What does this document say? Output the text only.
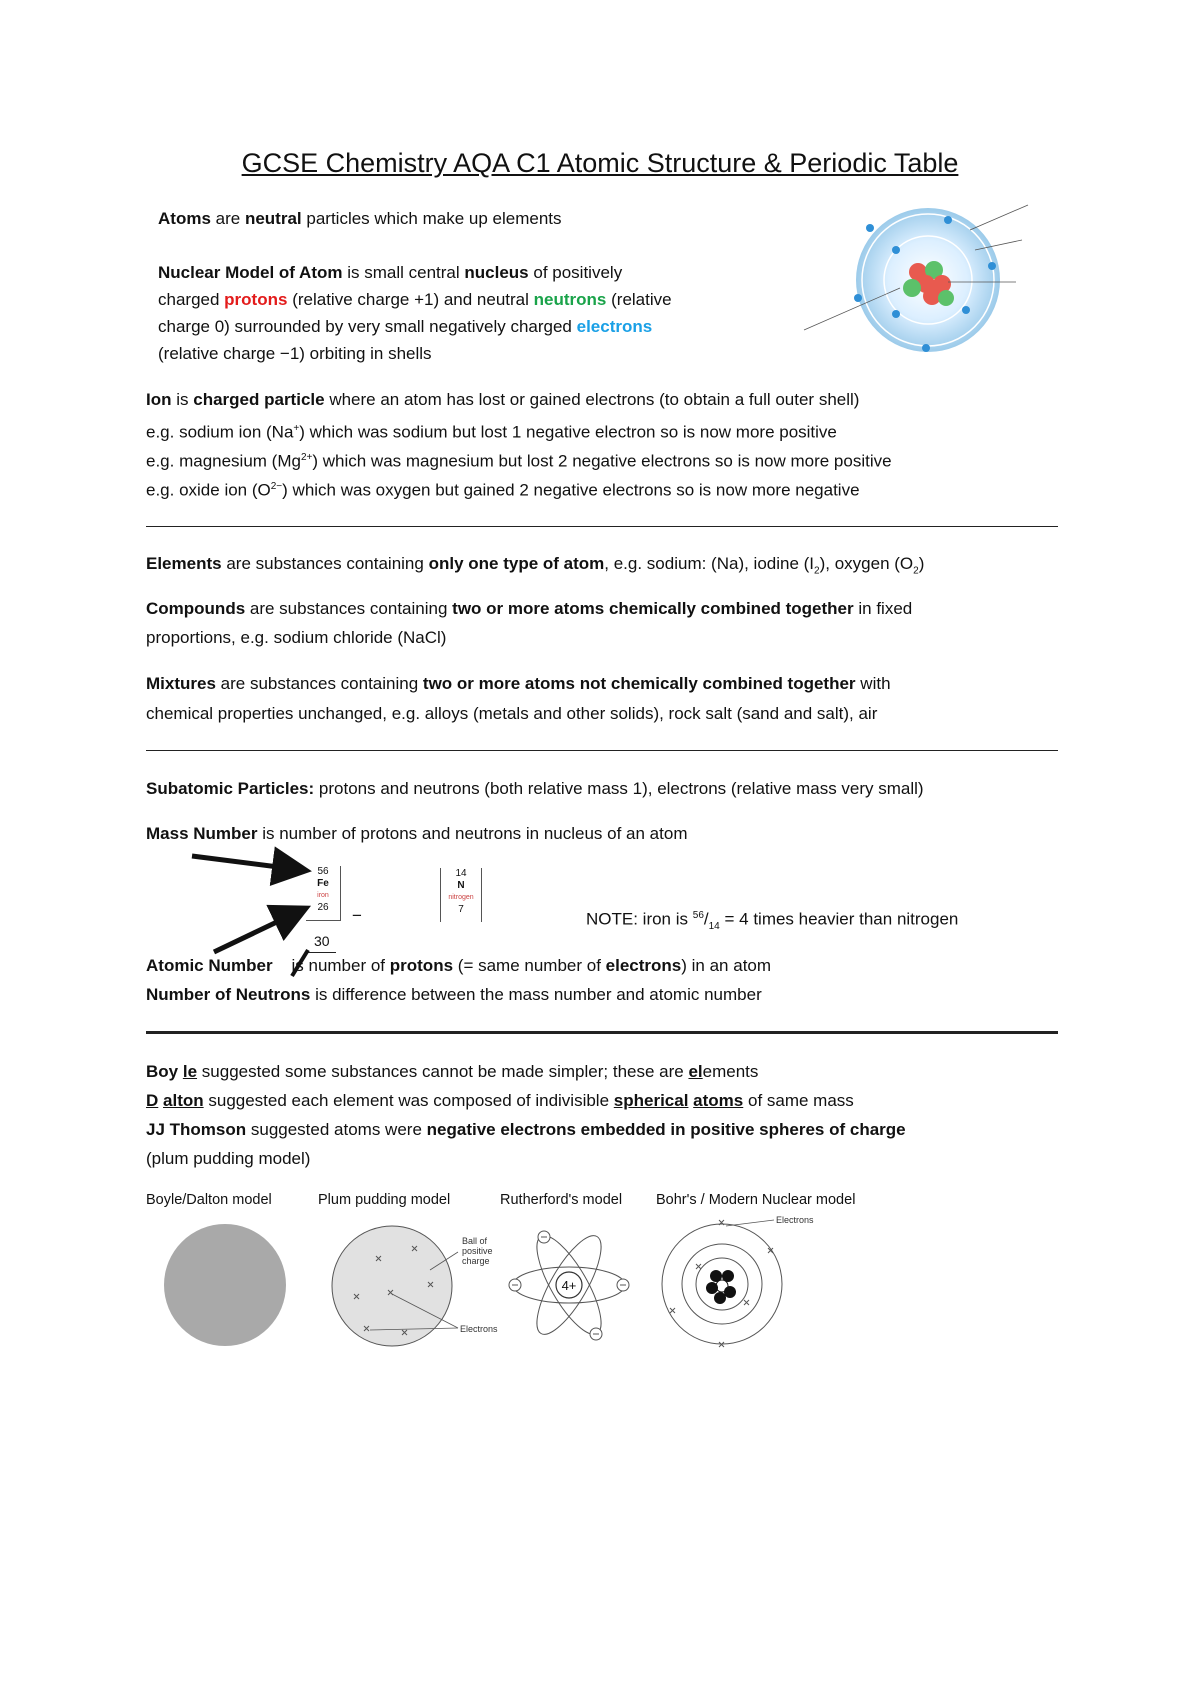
GCSE Chemistry AQA C1 Atomic Structure & Periodic Table
Atoms are neutral particles which make up elements
Nuclear Model of Atom is small central nucleus of positively
charged protons (relative charge +1) and neutral neutrons (relative
charge 0) surrounded by very small negatively charged electrons
(relative charge −1) orbiting in shells
Ion is charged particle where an atom has lost or gained electrons (to obtain a full outer shell)
e.g. sodium ion (Na+) which was sodium but lost 1 negative electron so is now more positive
e.g. magnesium $(Mg^{2+})$ which was magnesium but lost 2 negative electrons so is now more positive
e.g. oxide ion $(O^{2-})$ which was oxygen but gained 2 negative electrons so is now more negative
Elements are substances containing only one type of atom, e.g. sodium: (Na), iodine $(I_2)$, oxygen $(O_2)$
Compounds are substances containing two or more atoms chemically combined together in fixed
proportions, e.g. sodium chloride (NaCl)
Mixtures are substances containing two or more atoms not chemically combined together with
chemical properties unchanged, e.g. alloys (metals and other solids), rock salt (sand and salt), air
Subatomic Particles: protons and neutrons (both relative mass 1), electrons (relative mass very small)
Mass Number is number of protons and neutrons in nucleus of an atom
56
Fe
iron
26	−
14
N
nitrogen
7
30
NOTE: iron is $^{56}/_{14} = 4$ times heavier than nitrogen
Atomic Number is number of protons (= same number of electrons) in an atom
Number of Neutrons is difference between the mass number and atomic number
Boy le suggested some substances cannot be made simpler; these are elements
D alton suggested each element was composed of indivisible spherical atoms of same mass
JJ Thomson suggested atoms were negative electrons embedded in positive spheres of charge
(plum pudding model)
Boyle/Dalton model	Plum pudding model	Rutherford's model Bohr's / Modern Nuclear model
Ball of
positive
charge
Electrons
4+
Electrons
